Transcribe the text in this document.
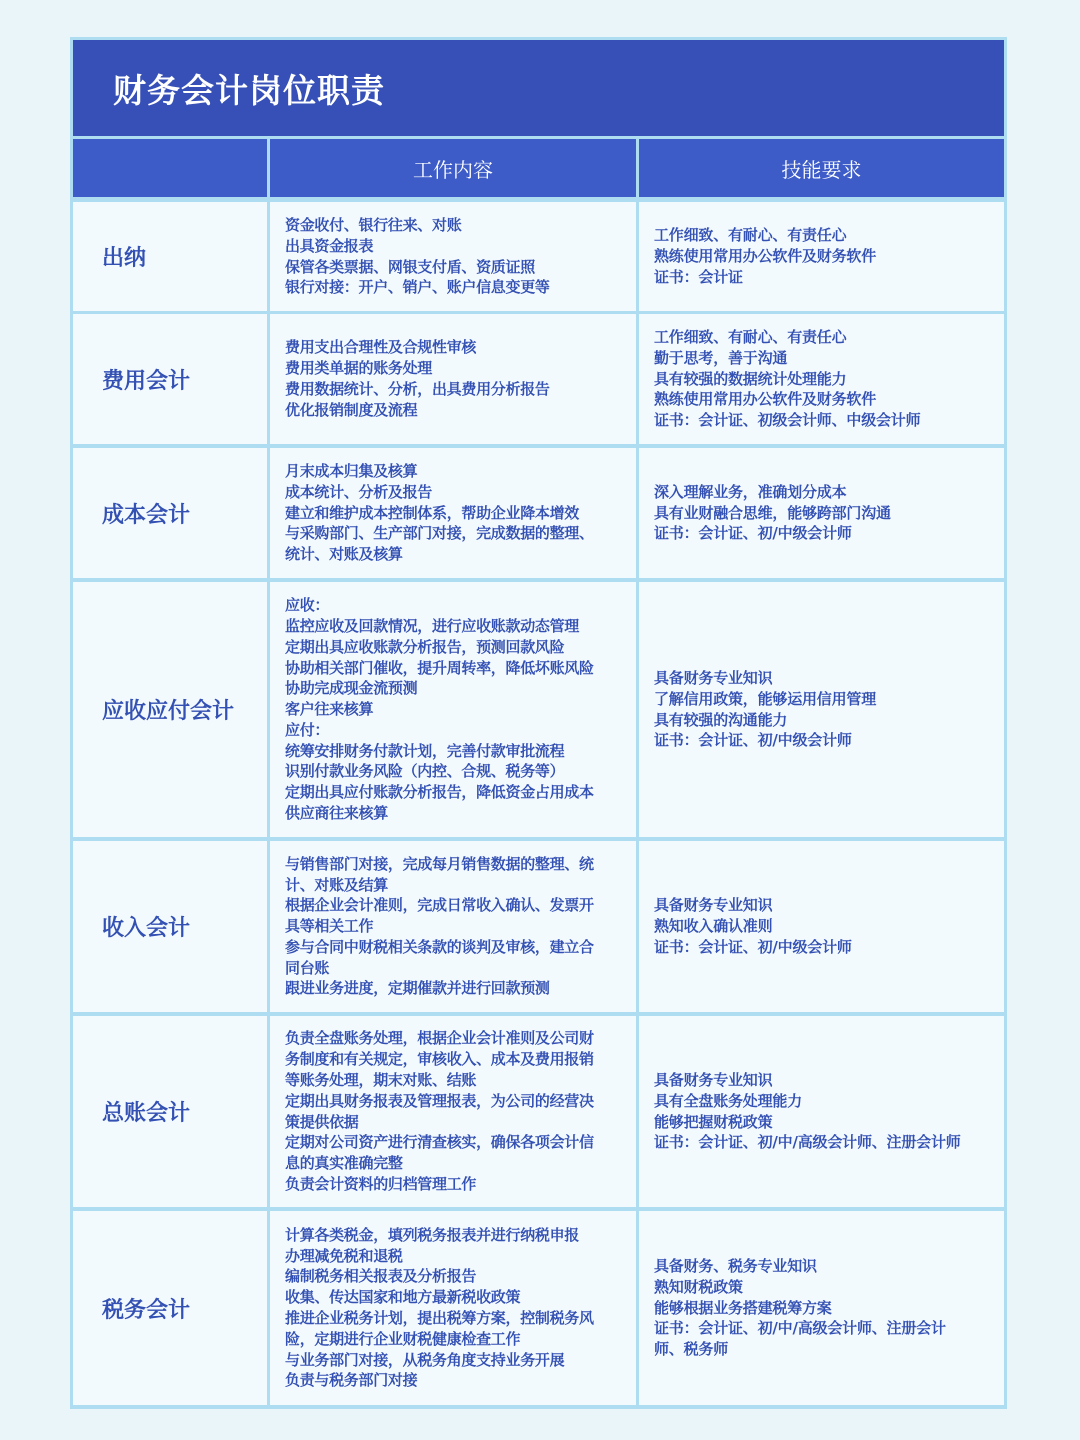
财务会计岗位职责
工作内容	技能要求
出纳
资金收付、银行往来、对账
出具资金报表
保管各类票据、网银支付盾、资质证照
银行对接：开户、销户、账户信息变更等
工作细致、有耐心、有责任心
熟练使用常用办公软件及财务软件
证书：会计证
费用会计
费用支出合理性及合规性审核
费用类单据的账务处理
费用数据统计、分析，出具费用分析报告
优化报销制度及流程
工作细致、有耐心、有责任心
勤于思考，善于沟通
具有较强的数据统计处理能力
熟练使用常用办公软件及财务软件
证书：会计证、初级会计师、中级会计师
成本会计
月末成本归集及核算
成本统计、分析及报告
建立和维护成本控制体系，帮助企业降本增效
与采购部门、生产部门对接，完成数据的整理、
统计、对账及核算
深入理解业务，准确划分成本
具有业财融合思维，能够跨部门沟通
证书：会计证、初/中级会计师
应收应付会计
应收：
监控应收及回款情况，进行应收账款动态管理
定期出具应收账款分析报告，预测回款风险
协助相关部门催收，提升周转率，降低坏账风险
协助完成现金流预测
客户往来核算
应付：
统筹安排财务付款计划，完善付款审批流程
识别付款业务风险（内控、合规、税务等）
定期出具应付账款分析报告，降低资金占用成本
供应商往来核算
具备财务专业知识
了解信用政策，能够运用信用管理
具有较强的沟通能力
证书：会计证、初/中级会计师
收入会计
与销售部门对接，完成每月销售数据的整理、统
计、对账及结算
根据企业会计准则，完成日常收入确认、发票开
具等相关工作
参与合同中财税相关条款的谈判及审核，建立合
同台账
跟进业务进度，定期催款并进行回款预测
具备财务专业知识
熟知收入确认准则
证书：会计证、初/中级会计师
总账会计
负责全盘账务处理，根据企业会计准则及公司财
务制度和有关规定，审核收入、成本及费用报销
等账务处理，期末对账、结账
定期出具财务报表及管理报表，为公司的经营决
策提供依据
定期对公司资产进行清查核实，确保各项会计信
息的真实准确完整
负责会计资料的归档管理工作
具备财务专业知识
具有全盘账务处理能力
能够把握财税政策
证书：会计证、初/中/高级会计师、注册会计师
税务会计
计算各类税金，填列税务报表并进行纳税申报
办理减免税和退税
编制税务相关报表及分析报告
收集、传达国家和地方最新税收政策
推进企业税务计划，提出税筹方案，控制税务风
险，定期进行企业财税健康检查工作
与业务部门对接，从税务角度支持业务开展
负责与税务部门对接
具备财务、税务专业知识
熟知财税政策
能够根据业务搭建税筹方案
证书：会计证、初/中/高级会计师、注册会计
师、税务师
